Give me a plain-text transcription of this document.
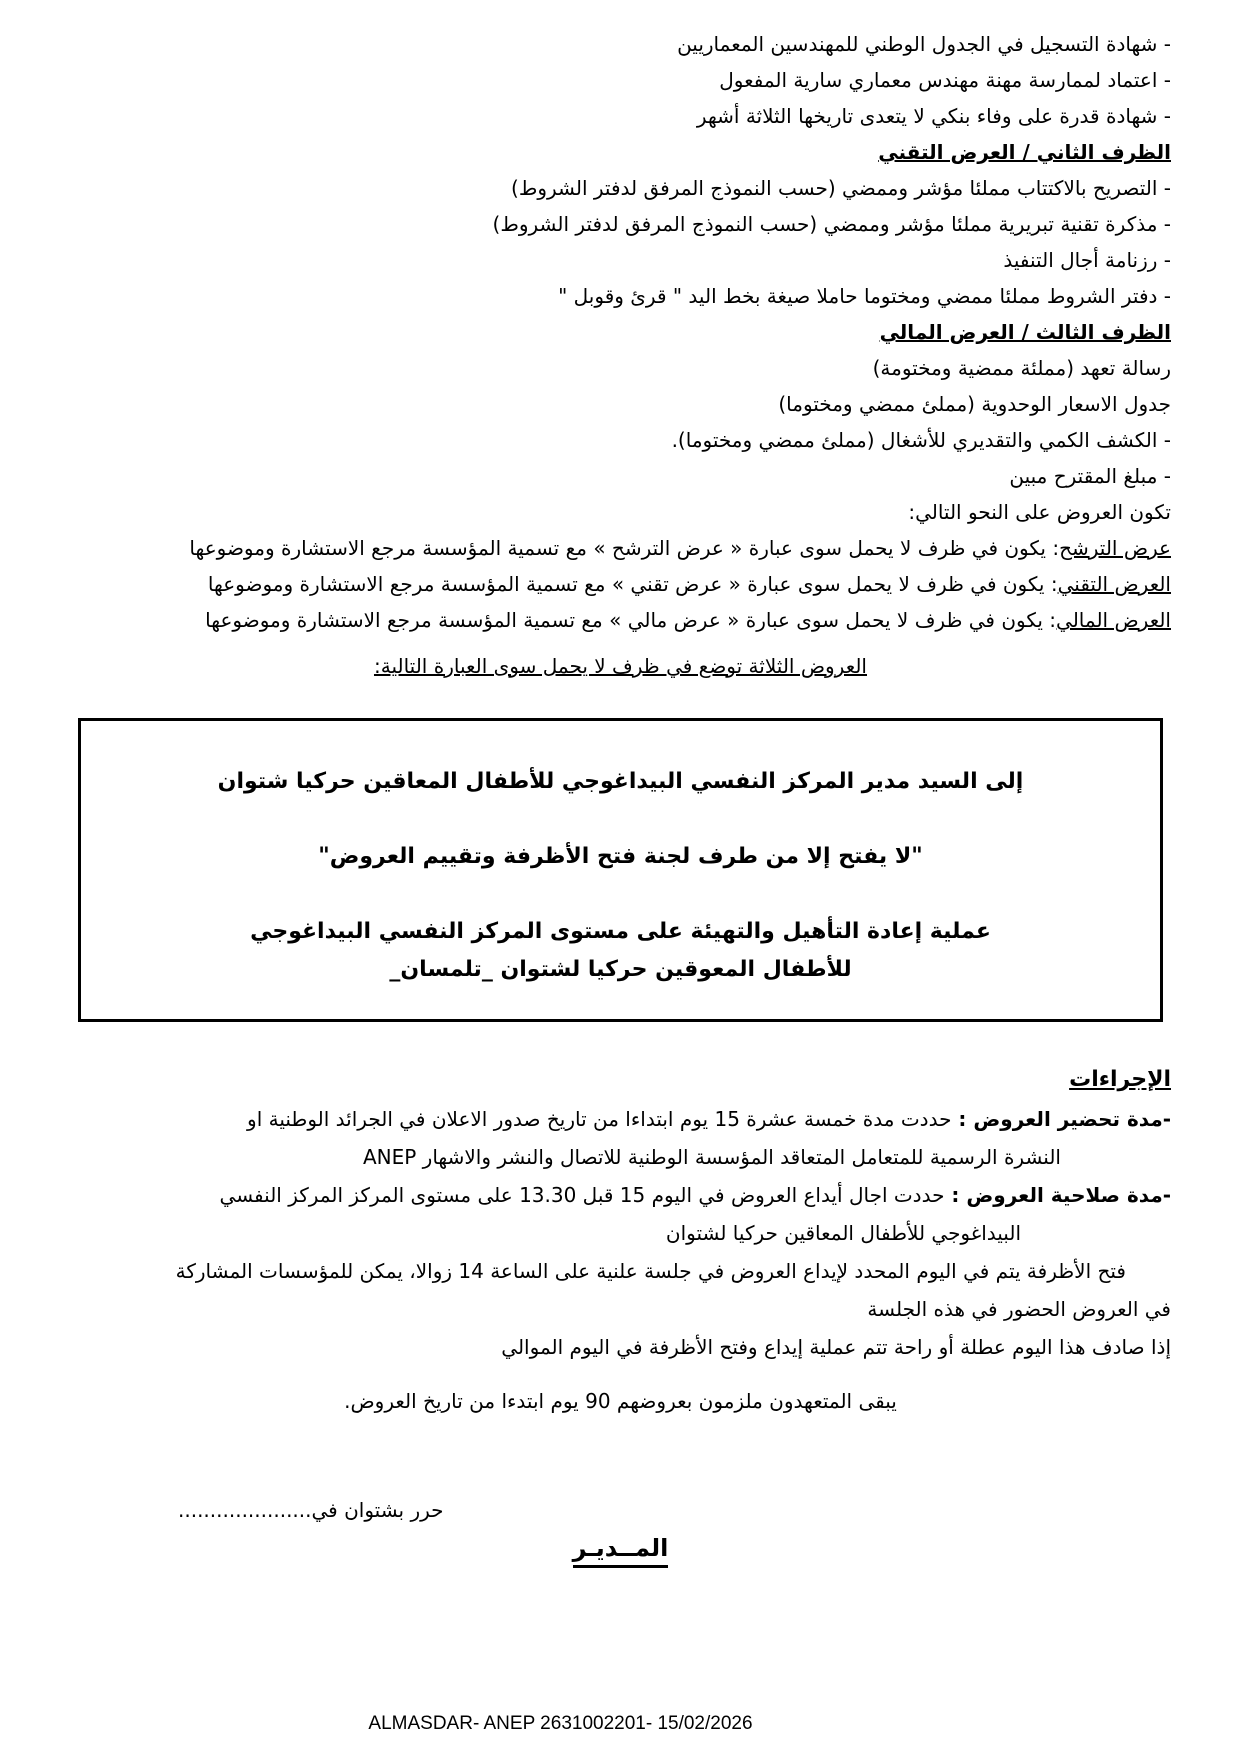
- شهادة التسجيل في الجدول الوطني للمهندسين المعماريين
- اعتماد لممارسة مهنة مهندس معماري سارية المفعول
- شهادة قدرة على وفاء بنكي لا يتعدى تاريخها الثلاثة أشهر
الظرف الثاني / العرض التقني
- التصريح بالاكتتاب مملئا مؤشر وممضي (حسب النموذج المرفق لدفتر الشروط)
- مذكرة تقنية تبريرية مملئا مؤشر وممضي (حسب النموذج المرفق لدفتر الشروط)
- رزنامة أجال التنفيذ
- دفتر الشروط مملئا ممضي ومختوما حاملا صيغة بخط اليد " قرئ وقوبل "
الظرف الثالث / العرض المالي
رسالة تعهد (مملئة ممضية ومختومة)
جدول الاسعار الوحدوية (مملئ ممضي ومختوما)
- الكشف الكمي والتقديري للأشغال (مملئ ممضي ومختوما).
- مبلغ المقترح مبين
تكون العروض على النحو التالي:
عرض الترشح: يكون في ظرف لا يحمل سوى عبارة « عرض الترشح » مع تسمية المؤسسة مرجع الاستشارة وموضوعها
العرض التقني: يكون في ظرف لا يحمل سوى عبارة « عرض تقني » مع تسمية المؤسسة مرجع الاستشارة وموضوعها
العرض المالي: يكون في ظرف لا يحمل سوى عبارة « عرض مالي » مع تسمية المؤسسة مرجع الاستشارة وموضوعها
العروض الثلاثة توضع في ظرف لا يحمل سوى العبارة التالية:
إلى السيد مدير المركز النفسي البيداغوجي للأطفال المعاقين حركيا شتوان
"لا يفتح إلا من طرف لجنة فتح الأظرفة وتقييم العروض"
عملية إعادة التأهيل والتهيئة على مستوى المركز النفسي البيداغوجي
للأطفال المعوقين حركيا لشتوان _تلمسان_
الإجراءات
-مدة تحضير العروض : حددت مدة خمسة عشرة 15 يوم ابتداءا من تاريخ صدور الاعلان في الجرائد الوطنية او
النشرة الرسمية للمتعامل المتعاقد المؤسسة الوطنية للاتصال والنشر والاشهار ANEP
-مدة صلاحية العروض : حددت اجال أيداع العروض في اليوم 15 قبل 13.30 على مستوى المركز المركز النفسي
البيداغوجي للأطفال المعاقين حركيا لشتوان
فتح الأظرفة يتم في اليوم المحدد لإيداع العروض في جلسة علنية على الساعة 14 زوالا، يمكن للمؤسسات المشاركة
في العروض الحضور في هذه الجلسة
إذا صادف هذا اليوم عطلة أو راحة تتم عملية إيداع وفتح الأظرفة في اليوم الموالي
يبقى المتعهدون ملزمون بعروضهم 90 يوم ابتدءا من تاريخ العروض.
حرر بشتوان في.....................
المــديـر
ALMASDAR- ANEP 2631002201- 15/02/2026
